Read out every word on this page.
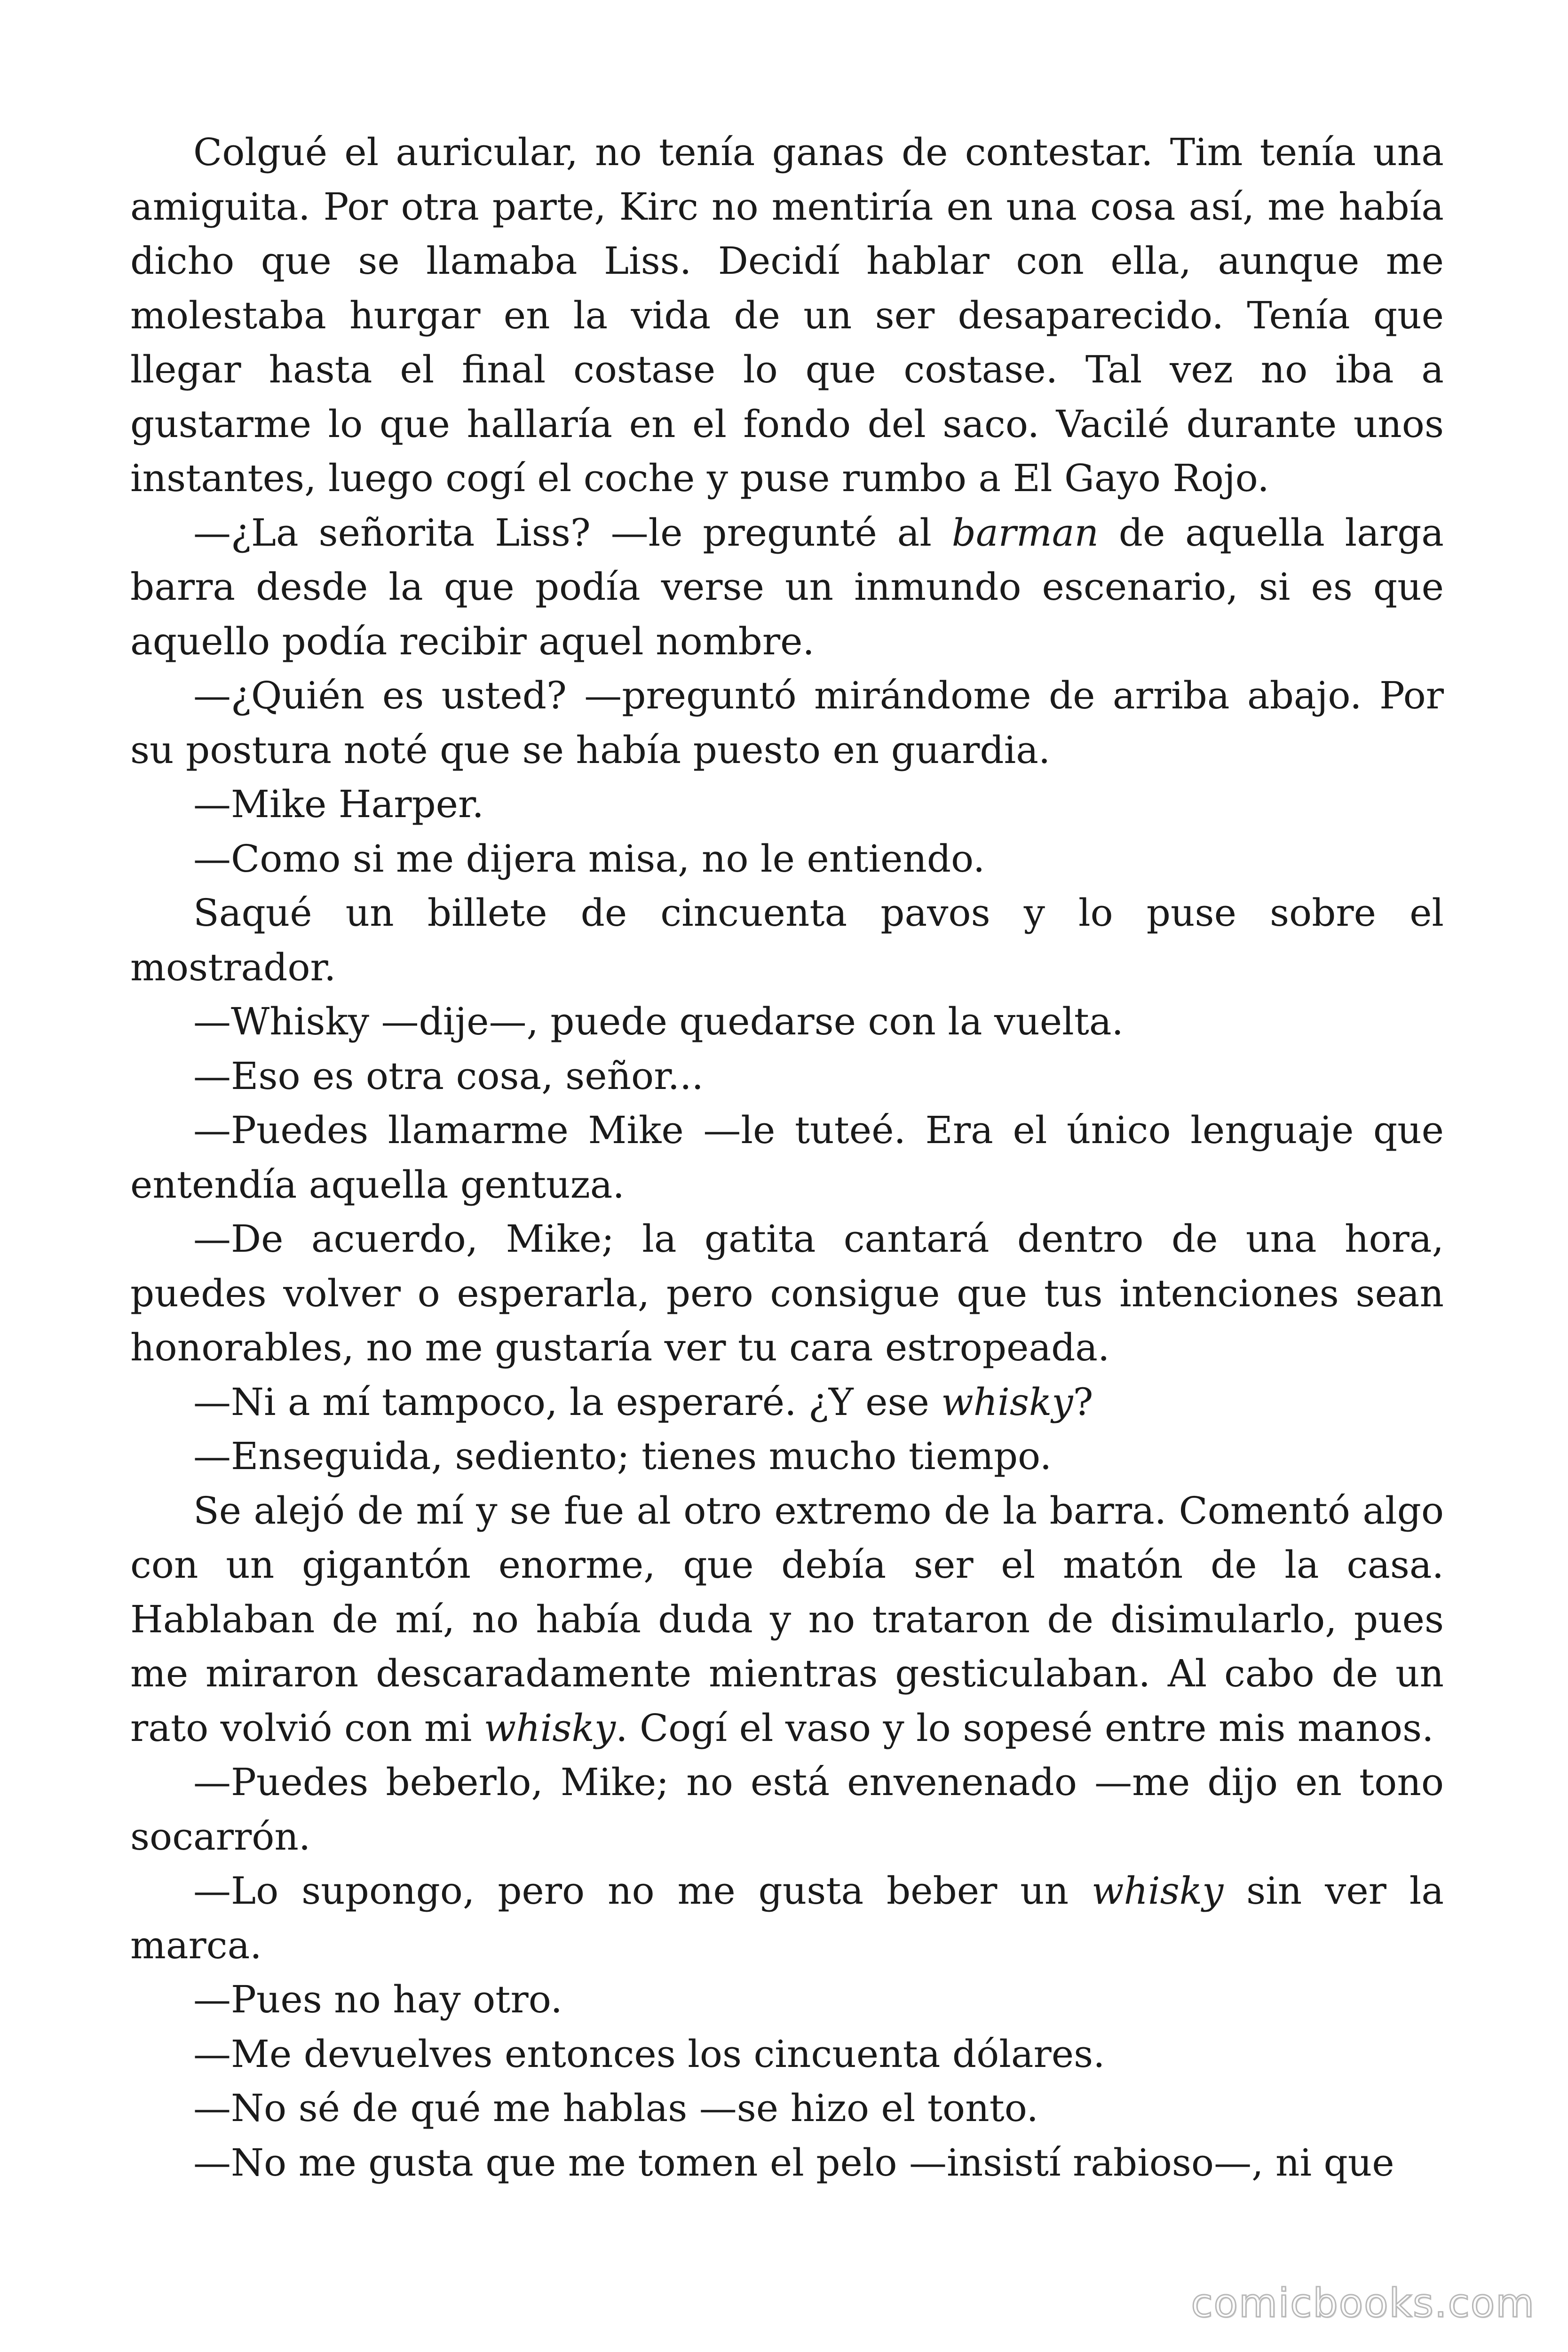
Colgué el auricular, no tenía ganas de contestar. Tim tenía una amiguita. Por otra parte, Kirc no mentiría en una cosa así, me había dicho que se llamaba Liss. Decidí hablar con ella, aunque me molestaba hurgar en la vida de un ser desaparecido. Tenía que llegar hasta el final costase lo que costase. Tal vez no iba a gustarme lo que hallaría en el fondo del saco. Vacilé durante unos instantes, luego cogí el coche y puse rumbo a El Gayo Rojo.

—¿La señorita Liss? —le pregunté al barman de aquella larga barra desde la que podía verse un inmundo escenario, si es que aquello podía recibir aquel nombre.

—¿Quién es usted? —preguntó mirándome de arriba abajo. Por su postura noté que se había puesto en guardia.

—Mike Harper.

—Como si me dijera misa, no le entiendo.

Saqué un billete de cincuenta pavos y lo puse sobre el mostrador.

—Whisky —dije—, puede quedarse con la vuelta.

—Eso es otra cosa, señor...

—Puedes llamarme Mike —le tuteé. Era el único lenguaje que entendía aquella gentuza.

—De acuerdo, Mike; la gatita cantará dentro de una hora, puedes volver o esperarla, pero consigue que tus intenciones sean honorables, no me gustaría ver tu cara estropeada.

—Ni a mí tampoco, la esperaré. ¿Y ese whisky?

—Enseguida, sediento; tienes mucho tiempo.

Se alejó de mí y se fue al otro extremo de la barra. Comentó algo con un gigantón enorme, que debía ser el matón de la casa. Hablaban de mí, no había duda y no trataron de disimularlo, pues me miraron descaradamente mientras gesticulaban. Al cabo de un rato volvió con mi whisky. Cogí el vaso y lo sopesé entre mis manos.

—Puedes beberlo, Mike; no está envenenado —me dijo en tono socarrón.

—Lo supongo, pero no me gusta beber un whisky sin ver la marca.

—Pues no hay otro.

—Me devuelves entonces los cincuenta dólares.

—No sé de qué me hablas —se hizo el tonto.

—No me gusta que me tomen el pelo —insistí rabioso—, ni que

comicbooks.com
